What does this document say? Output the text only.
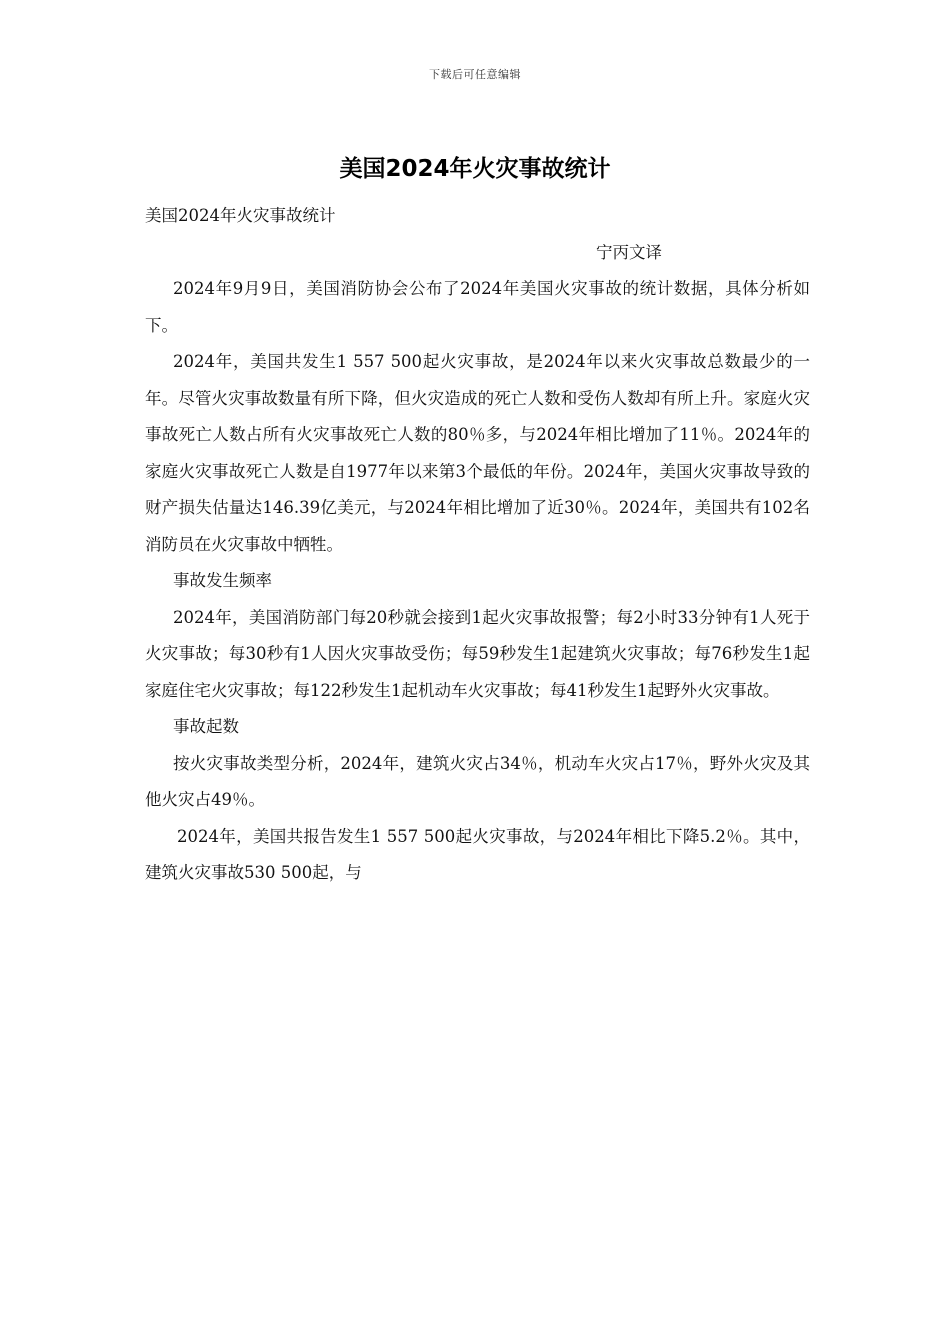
下载后可任意编辑
美国2024年火灾事故统计

美国2024年火灾事故统计

宁丙文译

2024年9月9日，美国消防协会公布了2024年美国火灾事故的统计数据，具体分析如下。

2024年，美国共发生1 557 500起火灾事故，是2024年以来火灾事故总数最少的一年。尽管火灾事故数量有所下降，但火灾造成的死亡人数和受伤人数却有所上升。家庭火灾事故死亡人数占所有火灾事故死亡人数的80％多，与2024年相比增加了11％。2024年的家庭火灾事故死亡人数是自1977年以来第3个最低的年份。2024年，美国火灾事故导致的财产损失估量达146.39亿美元，与2024年相比增加了近30％。2024年，美国共有102名消防员在火灾事故中牺牲。

事故发生频率

2024年，美国消防部门每20秒就会接到1起火灾事故报警；每2小时33分钟有1人死于火灾事故；每30秒有1人因火灾事故受伤；每59秒发生1起建筑火灾事故；每76秒发生1起家庭住宅火灾事故；每122秒发生1起机动车火灾事故；每41秒发生1起野外火灾事故。

事故起数

按火灾事故类型分析，2024年，建筑火灾占34％，机动车火灾占17％，野外火灾及其他火灾占49％。

2024年，美国共报告发生1 557 500起火灾事故，与2024年相比下降5.2％。其中，建筑火灾事故530 500起，与
